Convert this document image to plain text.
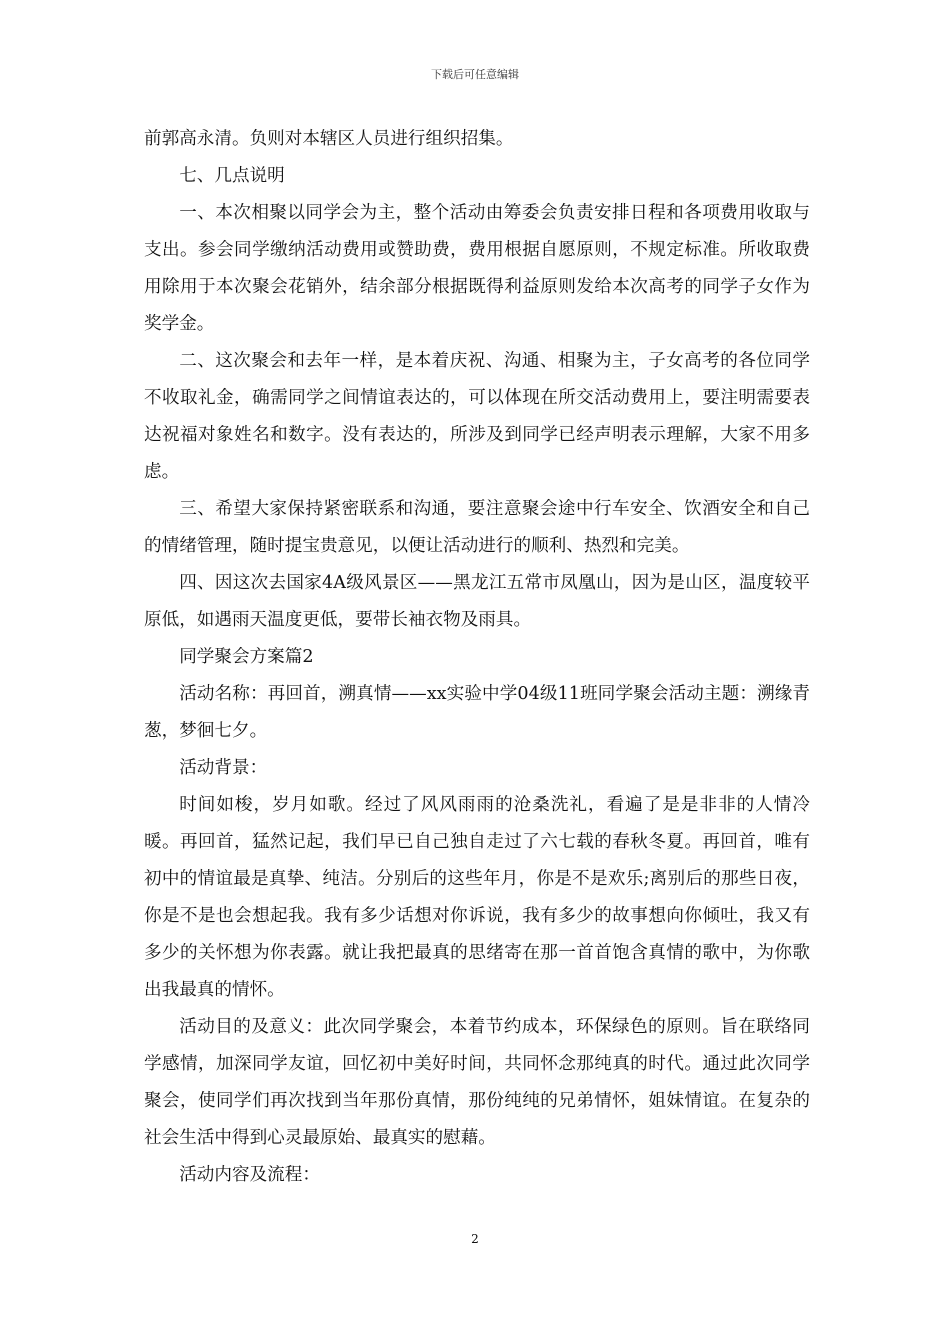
下载后可任意编辑

前郭高永清。负则对本辖区人员进行组织招集。

七、几点说明

一、本次相聚以同学会为主，整个活动由筹委会负责安排日程和各项费用收取与支出。参会同学缴纳活动费用或赞助费，费用根据自愿原则，不规定标准。所收取费用除用于本次聚会花销外，结余部分根据既得利益原则发给本次高考的同学子女作为奖学金。

二、这次聚会和去年一样，是本着庆祝、沟通、相聚为主，子女高考的各位同学不收取礼金，确需同学之间情谊表达的，可以体现在所交活动费用上，要注明需要表达祝福对象姓名和数字。没有表达的，所涉及到同学已经声明表示理解，大家不用多虑。

三、希望大家保持紧密联系和沟通，要注意聚会途中行车安全、饮酒安全和自己的情绪管理，随时提宝贵意见，以便让活动进行的顺利、热烈和完美。

四、因这次去国家4A级风景区——黑龙江五常市凤凰山，因为是山区，温度较平原低，如遇雨天温度更低，要带长袖衣物及雨具。

同学聚会方案篇2

活动名称：再回首，溯真情——xx实验中学04级11班同学聚会活动主题：溯缘青葱，梦徊七夕。

活动背景：

时间如梭，岁月如歌。经过了风风雨雨的沧桑洗礼，看遍了是是非非的人情冷暖。再回首，猛然记起，我们早已自己独自走过了六七载的春秋冬夏。再回首，唯有初中的情谊最是真挚、纯洁。分别后的这些年月，你是不是欢乐;离别后的那些日夜，你是不是也会想起我。我有多少话想对你诉说，我有多少的故事想向你倾吐，我又有多少的关怀想为你表露。就让我把最真的思绪寄在那一首首饱含真情的歌中，为你歌出我最真的情怀。

活动目的及意义：此次同学聚会，本着节约成本，环保绿色的原则。旨在联络同学感情，加深同学友谊，回忆初中美好时间，共同怀念那纯真的时代。通过此次同学聚会，使同学们再次找到当年那份真情，那份纯纯的兄弟情怀，姐妹情谊。在复杂的社会生活中得到心灵最原始、最真实的慰藉。

活动内容及流程：

2
